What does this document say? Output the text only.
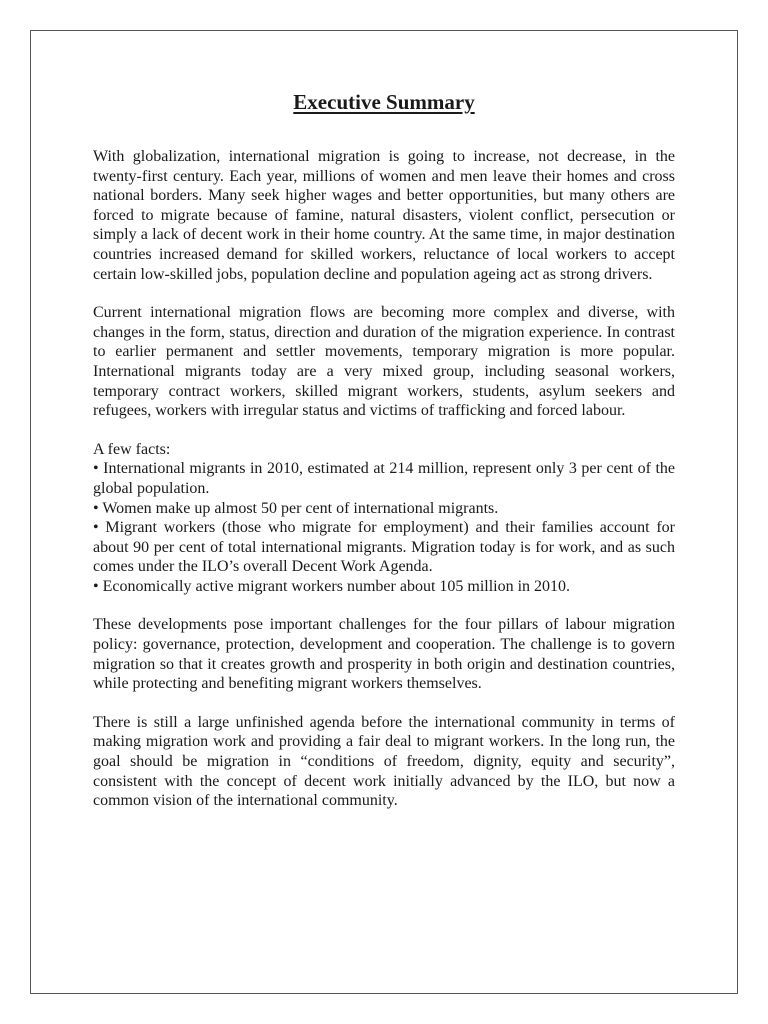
Executive Summary

With globalization, international migration is going to increase, not decrease, in the twenty-first century. Each year, millions of women and men leave their homes and cross national borders. Many seek higher wages and better opportunities, but many others are forced to migrate because of famine, natural disasters, violent conflict, persecution or simply a lack of decent work in their home country. At the same time, in major destination countries increased demand for skilled workers, reluctance of local workers to accept certain low-skilled jobs, population decline and population ageing act as strong drivers.

Current international migration flows are becoming more complex and diverse, with changes in the form, status, direction and duration of the migration experience. In contrast to earlier permanent and settler movements, temporary migration is more popular. International migrants today are a very mixed group, including seasonal workers, temporary contract workers, skilled migrant workers, students, asylum seekers and refugees, workers with irregular status and victims of trafficking and forced labour.

A few facts:
• International migrants in 2010, estimated at 214 million, represent only 3 per cent of the global population.
• Women make up almost 50 per cent of international migrants.
• Migrant workers (those who migrate for employment) and their families account for about 90 per cent of total international migrants. Migration today is for work, and as such comes under the ILO’s overall Decent Work Agenda.
• Economically active migrant workers number about 105 million in 2010.

These developments pose important challenges for the four pillars of labour migration policy: governance, protection, development and cooperation. The challenge is to govern migration so that it creates growth and prosperity in both origin and destination countries, while protecting and benefiting migrant workers themselves.

There is still a large unfinished agenda before the international community in terms of making migration work and providing a fair deal to migrant workers. In the long run, the goal should be migration in “conditions of freedom, dignity, equity and security”, consistent with the concept of decent work initially advanced by the ILO, but now a common vision of the international community.
